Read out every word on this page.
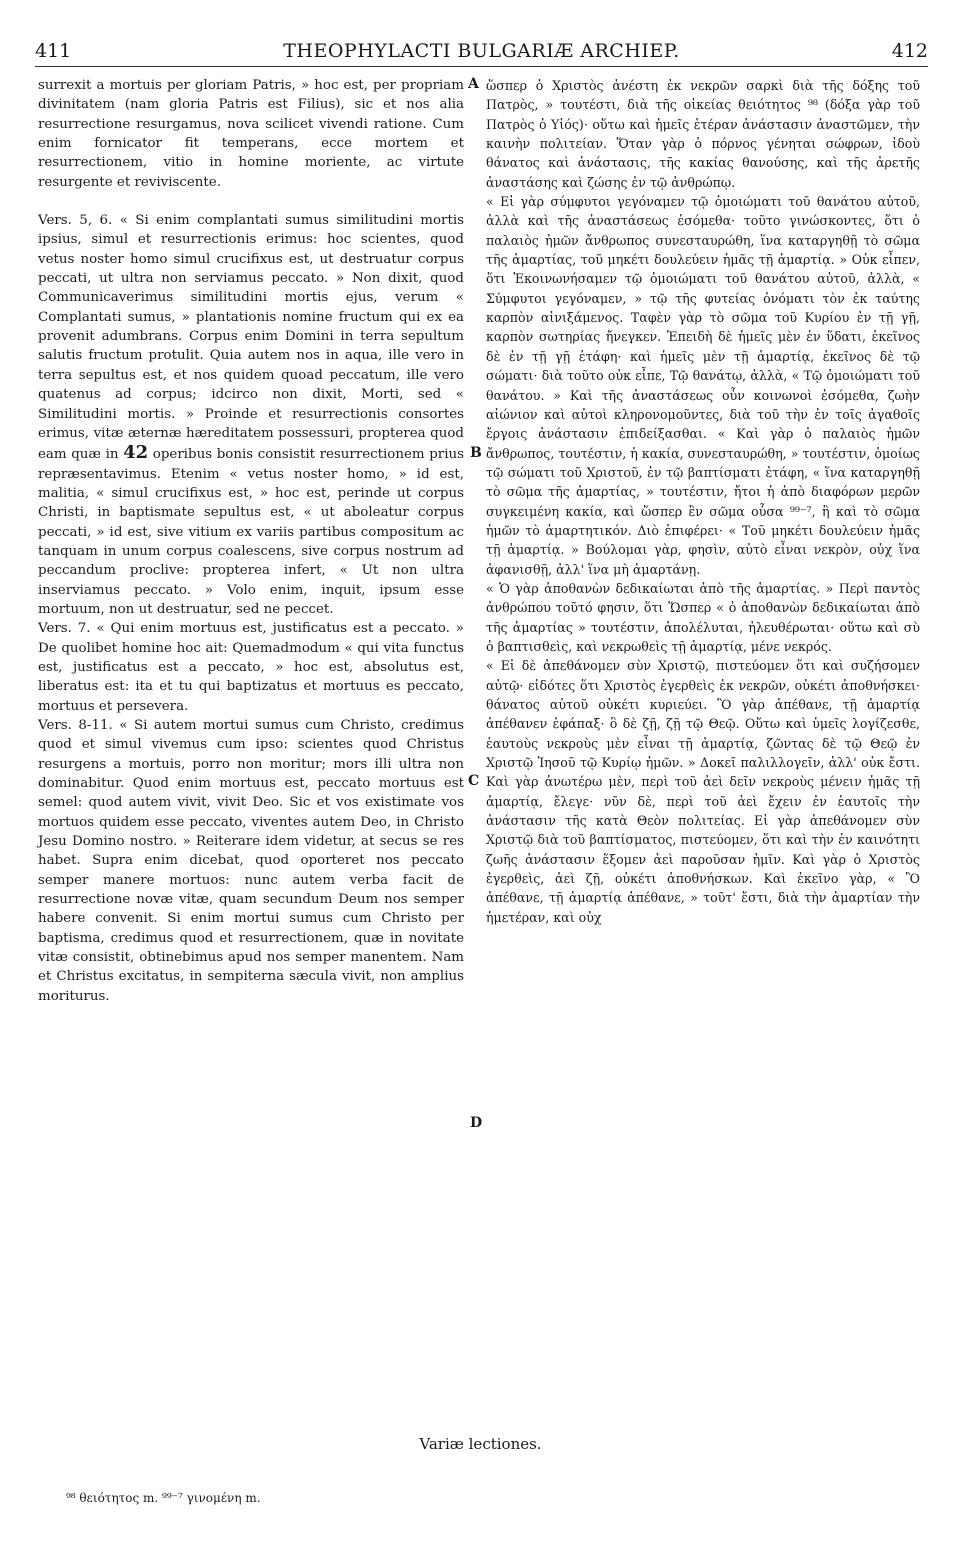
411	THEOPHYLACTI BULGARIÆ ARCHIEP.	412

surrexit a mortuis per gloriam Patris, » hoc est, per propriam divinitatem (nam gloria Patris est Filius), sic et nos alia resurrectione resurgamus, nova scilicet vivendi ratione. Cum enim fornicator fit temperans, ecce mortem et resurrectionem, vitio in homine moriente, ac virtute resurgente et reviviscente.

Vers. 5, 6. « Si enim complantati sumus similitudini mortis ipsius, simul et resurrectionis erimus: hoc scientes, quod vetus noster homo simul crucifixus est, ut destruatur corpus peccati, ut ultra non serviamus peccato. » Non dixit, quod Communicaverimus similitudini mortis ejus, verum « Complantati sumus, » plantationis nomine fructum qui ex ea provenit adumbrans. Corpus enim Domini in terra sepultum salutis fructum protulit. Quia autem nos in aqua, ille vero in terra sepultus est, et nos quidem quoad peccatum, ille vero quatenus ad corpus; idcirco non dixit, Morti, sed « Similitudini mortis. » Proinde et resurrectionis consortes erimus, vitæ æternæ hæreditatem possessuri, propterea quod eam quæ in 42 operibus bonis consistit resurrectionem prius repræsentavimus. Etenim « vetus noster homo, » id est, malitia, « simul crucifixus est, » hoc est, perinde ut corpus Christi, in baptismate sepultus est, « ut aboleatur corpus peccati, » id est, sive vitium ex variis partibus compositum ac tanquam in unum corpus coalescens, sive corpus nostrum ad peccandum proclive: propterea infert, « Ut non ultra inserviamus peccato. » Volo enim, inquit, ipsum esse mortuum, non ut destruatur, sed ne peccet.

Vers. 7. « Qui enim mortuus est, justificatus est a peccato. » De quolibet homine hoc ait: Quemadmodum « qui vita functus est, justificatus est a peccato, » hoc est, absolutus est, liberatus est: ita et tu qui baptizatus et mortuus es peccato, mortuus et persevera.

Vers. 8-11. « Si autem mortui sumus cum Christo, credimus quod et simul vivemus cum ipso: scientes quod Christus resurgens a mortuis, porro non moritur; mors illi ultra non dominabitur. Quod enim mortuus est, peccato mortuus est semel: quod autem vivit, vivit Deo. Sic et vos existimate vos mortuos quidem esse peccato, viventes autem Deo, in Christo Jesu Domino nostro. » Reiterare idem videtur, at secus se res habet. Supra enim dicebat, quod oporteret nos peccato semper manere mortuos: nunc autem verba facit de resurrectione novæ vitæ, quam secundum Deum nos semper habere convenit. Si enim mortui sumus cum Christo per baptisma, credimus quod et resurrectionem, quæ in novitate vitæ consistit, obtinebimus apud nos semper manentem. Nam et Christus excitatus, in sempiterna sæcula vivit, non amplius moriturus.

ὥσπερ ὁ Χριστὸς ἀνέστη ἐκ νεκρῶν σαρκὶ διὰ τῆς δόξης τοῦ Πατρὸς, » τουτέστι, διὰ τῆς οἰκείας θειότητος ⁹⁸ (δόξα γὰρ τοῦ Πατρὸς ὁ Υἱός)· οὕτω καὶ ἡμεῖς ἑτέραν ἀνάστασιν ἀναστῶμεν, τὴν καινὴν πολιτείαν. Ὅταν γὰρ ὁ πόρνος γένηται σώφρων, ἰδοὺ θάνατος καὶ ἀνάστασις, τῆς κακίας θανούσης, καὶ τῆς ἀρετῆς ἀναστάσης καὶ ζώσης ἐν τῷ ἀνθρώπῳ.

« Εἰ γὰρ σύμφυτοι γεγόναμεν τῷ ὁμοιώματι τοῦ θανάτου αὐτοῦ, ἀλλὰ καὶ τῆς ἀναστάσεως ἐσόμεθα· τοῦτο γινώσκοντες, ὅτι ὁ παλαιὸς ἡμῶν ἄνθρωπος συνεσταυρώθη, ἵνα καταργηθῇ τὸ σῶμα τῆς ἁμαρτίας, τοῦ μηκέτι δουλεύειν ἡμᾶς τῇ ἁμαρτίᾳ. » Οὐκ εἶπεν, ὅτι Ἐκοινωνήσαμεν τῷ ὁμοιώματι τοῦ θανάτου αὐτοῦ, ἀλλὰ, « Σύμφυτοι γεγόναμεν, » τῷ τῆς φυτείας ὀνόματι τὸν ἐκ ταύτης καρπὸν αἰνιξάμενος. Ταφὲν γὰρ τὸ σῶμα τοῦ Κυρίου ἐν τῇ γῇ, καρπὸν σωτηρίας ἤνεγκεν. Ἐπειδὴ δὲ ἡμεῖς μὲν ἐν ὕδατι, ἐκεῖνος δὲ ἐν τῇ γῇ ἐτάφη· καὶ ἡμεῖς μὲν τῇ ἁμαρτίᾳ, ἐκεῖνος δὲ τῷ σώματι· διὰ τοῦτο οὐκ εἶπε, Τῷ θανάτῳ, ἀλλὰ, « Τῷ ὁμοιώματι τοῦ θανάτου. » Καὶ τῆς ἀναστάσεως οὖν κοινωνοὶ ἐσόμεθα, ζωὴν αἰώνιον καὶ αὐτοὶ κληρονομοῦντες, διὰ τοῦ τὴν ἐν τοῖς ἀγαθοῖς ἔργοις ἀνάστασιν ἐπιδείξασθαι. « Καὶ γὰρ ὁ παλαιὸς ἡμῶν ἄνθρωπος, τουτέστιν, ἡ κακία, συνεσταυρώθη, » τουτέστιν, ὁμοίως τῷ σώματι τοῦ Χριστοῦ, ἐν τῷ βαπτίσματι ἐτάφη, « ἵνα καταργηθῇ τὸ σῶμα τῆς ἁμαρτίας, » τουτέστιν, ἤτοι ἡ ἀπὸ διαφόρων μερῶν συγκειμένη κακία, καὶ ὥσπερ ἓν σῶμα οὖσα ⁹⁹⁻⁷, ἢ καὶ τὸ σῶμα ἡμῶν τὸ ἁμαρτητικόν. Διὸ ἐπιφέρει· « Τοῦ μηκέτι δουλεύειν ἡμᾶς τῇ ἁμαρτίᾳ. » Βούλομαι γὰρ, φησὶν, αὐτὸ εἶναι νεκρὸν, οὐχ ἵνα ἀφανισθῇ, ἀλλ' ἵνα μὴ ἁμαρτάνῃ.

« Ὁ γὰρ ἀποθανὼν δεδικαίωται ἀπὸ τῆς ἁμαρτίας. » Περὶ παντὸς ἀνθρώπου τοῦτό φησιν, ὅτι Ὥσπερ « ὁ ἀποθανὼν δεδικαίωται ἀπὸ τῆς ἁμαρτίας » τουτέστιν, ἀπολέλυται, ἠλευθέρωται· οὕτω καὶ σὺ ὁ βαπτισθεὶς, καὶ νεκρωθεὶς τῇ ἁμαρτίᾳ, μένε νεκρός.

« Εἰ δὲ ἀπεθάνομεν σὺν Χριστῷ, πιστεύομεν ὅτι καὶ συζήσομεν αὐτῷ· εἰδότες ὅτι Χριστὸς ἐγερθεὶς ἐκ νεκρῶν, οὐκέτι ἀποθνήσκει· θάνατος αὐτοῦ οὐκέτι κυριεύει. Ὃ γὰρ ἀπέθανε, τῇ ἁμαρτίᾳ ἀπέθανεν ἐφάπαξ· ὃ δὲ ζῇ, ζῇ τῷ Θεῷ. Οὕτω καὶ ὑμεῖς λογίζεσθε, ἑαυτοὺς νεκροὺς μὲν εἶναι τῇ ἁμαρτίᾳ, ζῶντας δὲ τῷ Θεῷ ἐν Χριστῷ Ἰησοῦ τῷ Κυρίῳ ἡμῶν. » Δοκεῖ παλιλλογεῖν, ἀλλ' οὐκ ἔστι. Καὶ γὰρ ἀνωτέρω μὲν, περὶ τοῦ ἀεὶ δεῖν νεκροὺς μένειν ἡμᾶς τῇ ἁμαρτίᾳ, ἔλεγε· νῦν δὲ, περὶ τοῦ ἀεὶ ἔχειν ἐν ἑαυτοῖς τὴν ἀνάστασιν τῆς κατὰ Θεὸν πολιτείας. Εἰ γὰρ ἀπεθάνομεν σὺν Χριστῷ διὰ τοῦ βαπτίσματος, πιστεύομεν, ὅτι καὶ τὴν ἐν καινότητι ζωῆς ἀνάστασιν ἕξομεν ἀεὶ παροῦσαν ἡμῖν. Καὶ γὰρ ὁ Χριστὸς ἐγερθεὶς, ἀεὶ ζῇ, οὐκέτι ἀποθνήσκων. Καὶ ἐκεῖνο γὰρ, « Ὃ ἀπέθανε, τῇ ἁμαρτίᾳ ἀπέθανε, » τοῦτ' ἔστι, διὰ τὴν ἁμαρτίαν τὴν ἡμετέραν, καὶ οὐχ

A
B
C
D
Variæ lectiones.
⁹⁸ θειότητος m. ⁹⁹⁻⁷ γινομένη m.
